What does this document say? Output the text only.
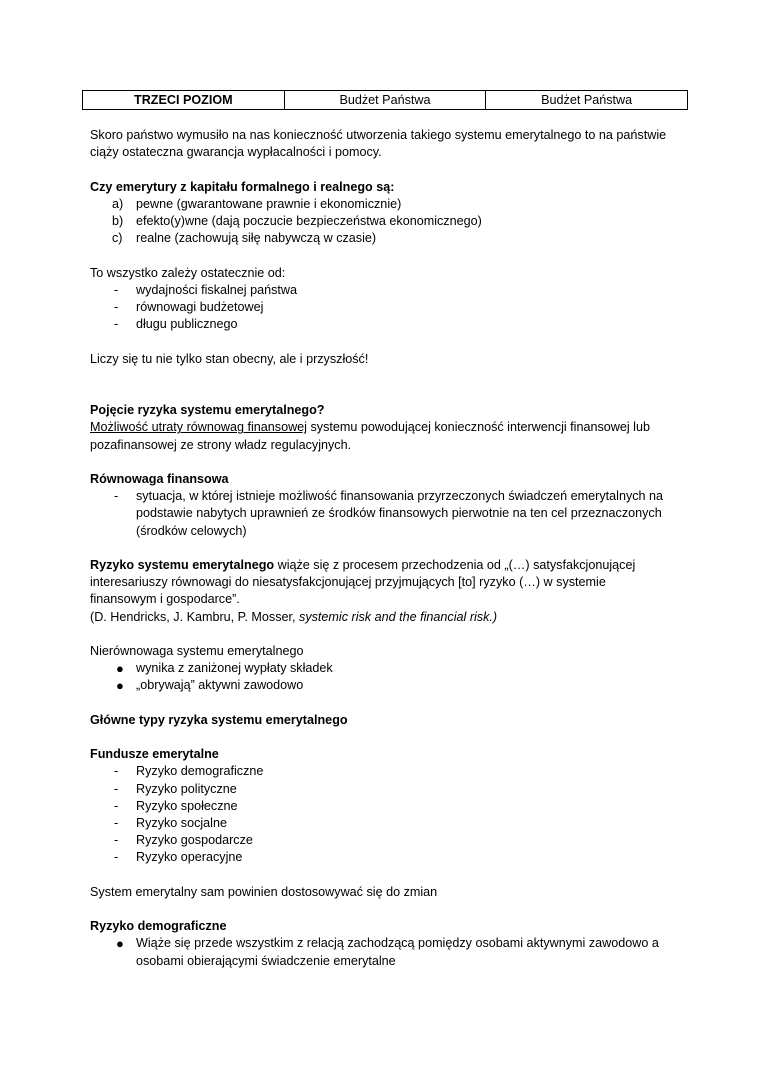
TRZECI POZIOM	Budżet Państwa	Budżet Państwa

Skoro państwo wymusiło na nas konieczność utworzenia takiego systemu emerytalnego to na państwie ciąży ostateczna gwarancja wypłacalności i pomocy.

Czy emerytury z kapitału formalnego i realnego są:

a) pewne (gwarantowane prawnie i ekonomicznie)
b) efekto(y)wne (dają poczucie bezpieczeństwa ekonomicznego)
c) realne (zachowują siłę nabywczą w czasie)

To wszystko zależy ostatecznie od:

- wydajności fiskalnej państwa
- równowagi budżetowej
- długu publicznego

Liczy się tu nie tylko stan obecny, ale i przyszłość!

Pojęcie ryzyka systemu emerytalnego?

Możliwość utraty równowag finansowej systemu powodującej konieczność interwencji finansowej lub pozafinansowej ze strony władz regulacyjnych.

Równowaga finansowa

- sytuacja, w której istnieje możliwość finansowania przyrzeczonych świadczeń emerytalnych na podstawie nabytych uprawnień ze środków finansowych pierwotnie na ten cel przeznaczonych (środków celowych)

Ryzyko systemu emerytalnego wiąże się z procesem przechodzenia od „(…) satysfakcjonującej interesariuszy równowagi do niesatysfakcjonującej przyjmujących [to] ryzyko (…) w systemie finansowym i gospodarce”.

(D. Hendricks, J. Kambru, P. Mosser, systemic risk and the financial risk.)

Nierównowaga systemu emerytalnego

● wynika z zaniżonej wypłaty składek
● „obrywają” aktywni zawodowo

Główne typy ryzyka systemu emerytalnego

Fundusze emerytalne

- Ryzyko demograficzne
- Ryzyko polityczne
- Ryzyko społeczne
- Ryzyko socjalne
- Ryzyko gospodarcze
- Ryzyko operacyjne

System emerytalny sam powinien dostosowywać się do zmian

Ryzyko demograficzne

● Wiąże się przede wszystkim z relacją zachodzącą pomiędzy osobami aktywnymi zawodowo a osobami obierającymi świadczenie emerytalne
